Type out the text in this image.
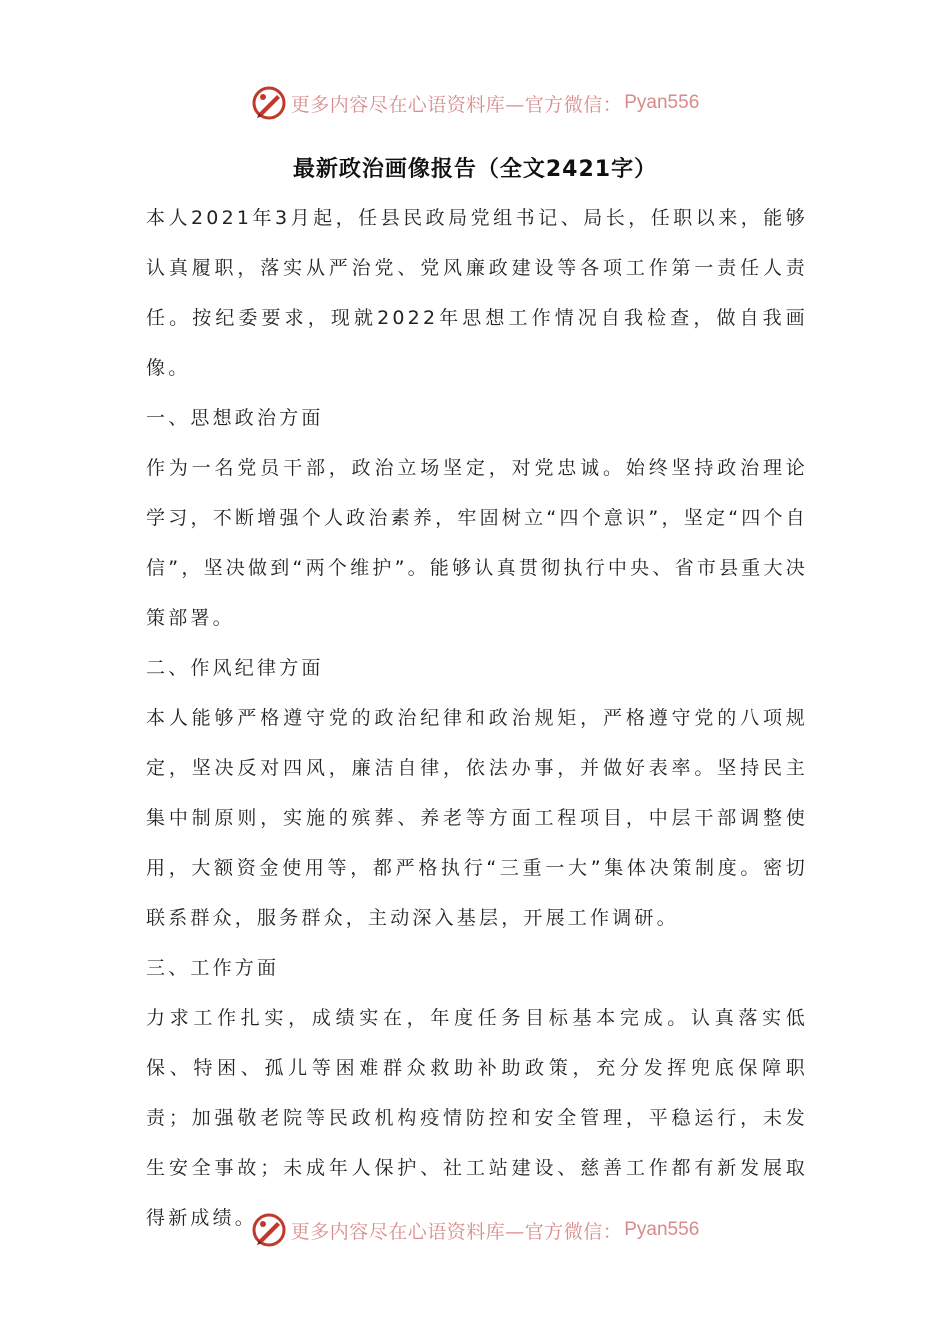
更多内容尽在心语资料库—官方微信： Pyan556
最新政治画像报告（全文2421字）

本人2021年3月起，任县民政局党组书记、局长，任职以来，能够认真履职，落实从严治党、党风廉政建设等各项工作第一责任人责任。按纪委要求，现就2022年思想工作情况自我检查，做自我画像。

一、思想政治方面

作为一名党员干部，政治立场坚定，对党忠诚。始终坚持政治理论学习，不断增强个人政治素养，牢固树立“四个意识”，坚定“四个自信”，坚决做到“两个维护”。能够认真贯彻执行中央、省市县重大决策部署。

二、作风纪律方面

本人能够严格遵守党的政治纪律和政治规矩，严格遵守党的八项规定，坚决反对四风，廉洁自律，依法办事，并做好表率。坚持民主集中制原则，实施的殡葬、养老等方面工程项目，中层干部调整使用，大额资金使用等，都严格执行“三重一大”集体决策制度。密切联系群众，服务群众，主动深入基层，开展工作调研。

三、工作方面

力求工作扎实，成绩实在，年度任务目标基本完成。认真落实低保、特困、孤儿等困难群众救助补助政策，充分发挥兜底保障职责；加强敬老院等民政机构疫情防控和安全管理，平稳运行，未发生安全事故；未成年人保护、社工站建设、慈善工作都有新发展取得新成绩。

更多内容尽在心语资料库—官方微信： Pyan556
